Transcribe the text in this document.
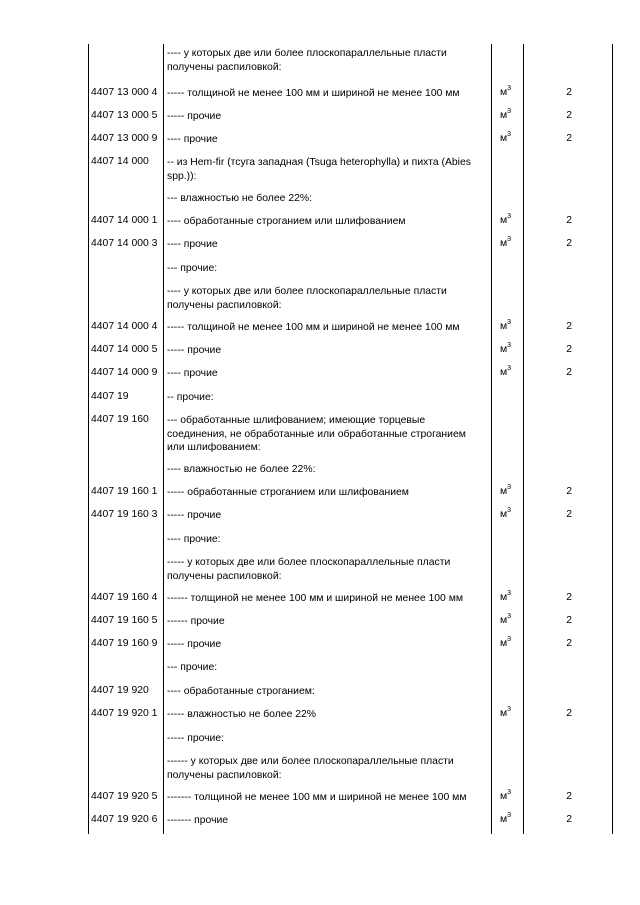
---- у которых две или более плоскопараллельные пласти получены распиловкой:
4407 13 000 4 ----- толщиной не менее 100 мм и шириной не менее 100 мм	$м^3$	2
4407 13 000 5 ----- прочие	$м^3$	2
4407 13 000 9 ---- прочие	$м^3$	2
4407 14 000 -- из Hem-fir (тсуга западная (Tsuga heterophylla) и пихта (Abies spp.)):
--- влажностью не более 22%:
4407 14 000 1 ---- обработанные строганием или шлифованием	$м^3$	2
4407 14 000 3 ---- прочие	$м^3$	2
--- прочие:
---- у которых две или более плоскопараллельные пласти получены распиловкой:
4407 14 000 4 ----- толщиной не менее 100 мм и шириной не менее 100 мм	$м^3$	2
4407 14 000 5 ----- прочие	$м^3$	2
4407 14 000 9 ---- прочие	$м^3$	2
4407 19	-- прочие:
4407 19 160 --- обработанные шлифованием; имеющие торцевые соединения, не обработанные или обработанные строганием или шлифованием:
---- влажностью не более 22%:
4407 19 160 1 ----- обработанные строганием или шлифованием	$м^3$	2
4407 19 160 3 ----- прочие	$м^3$	2
---- прочие:
----- у которых две или более плоскопараллельные пласти получены распиловкой:
4407 19 160 4 ------ толщиной не менее 100 мм и шириной не менее 100 мм	$м^3$	2
4407 19 160 5 ------ прочие	$м^3$	2
4407 19 160 9 ----- прочие	$м^3$	2
--- прочие:
4407 19 920 ---- обработанные строганием:
4407 19 920 1 ----- влажностью не более 22%	$м^3$	2
----- прочие:
------ у которых две или более плоскопараллельные пласти получены распиловкой:
4407 19 920 5 ------- толщиной не менее 100 мм и шириной не менее 100 мм	$м^3$	2
4407 19 920 6 ------- прочие	$м^3$	2
